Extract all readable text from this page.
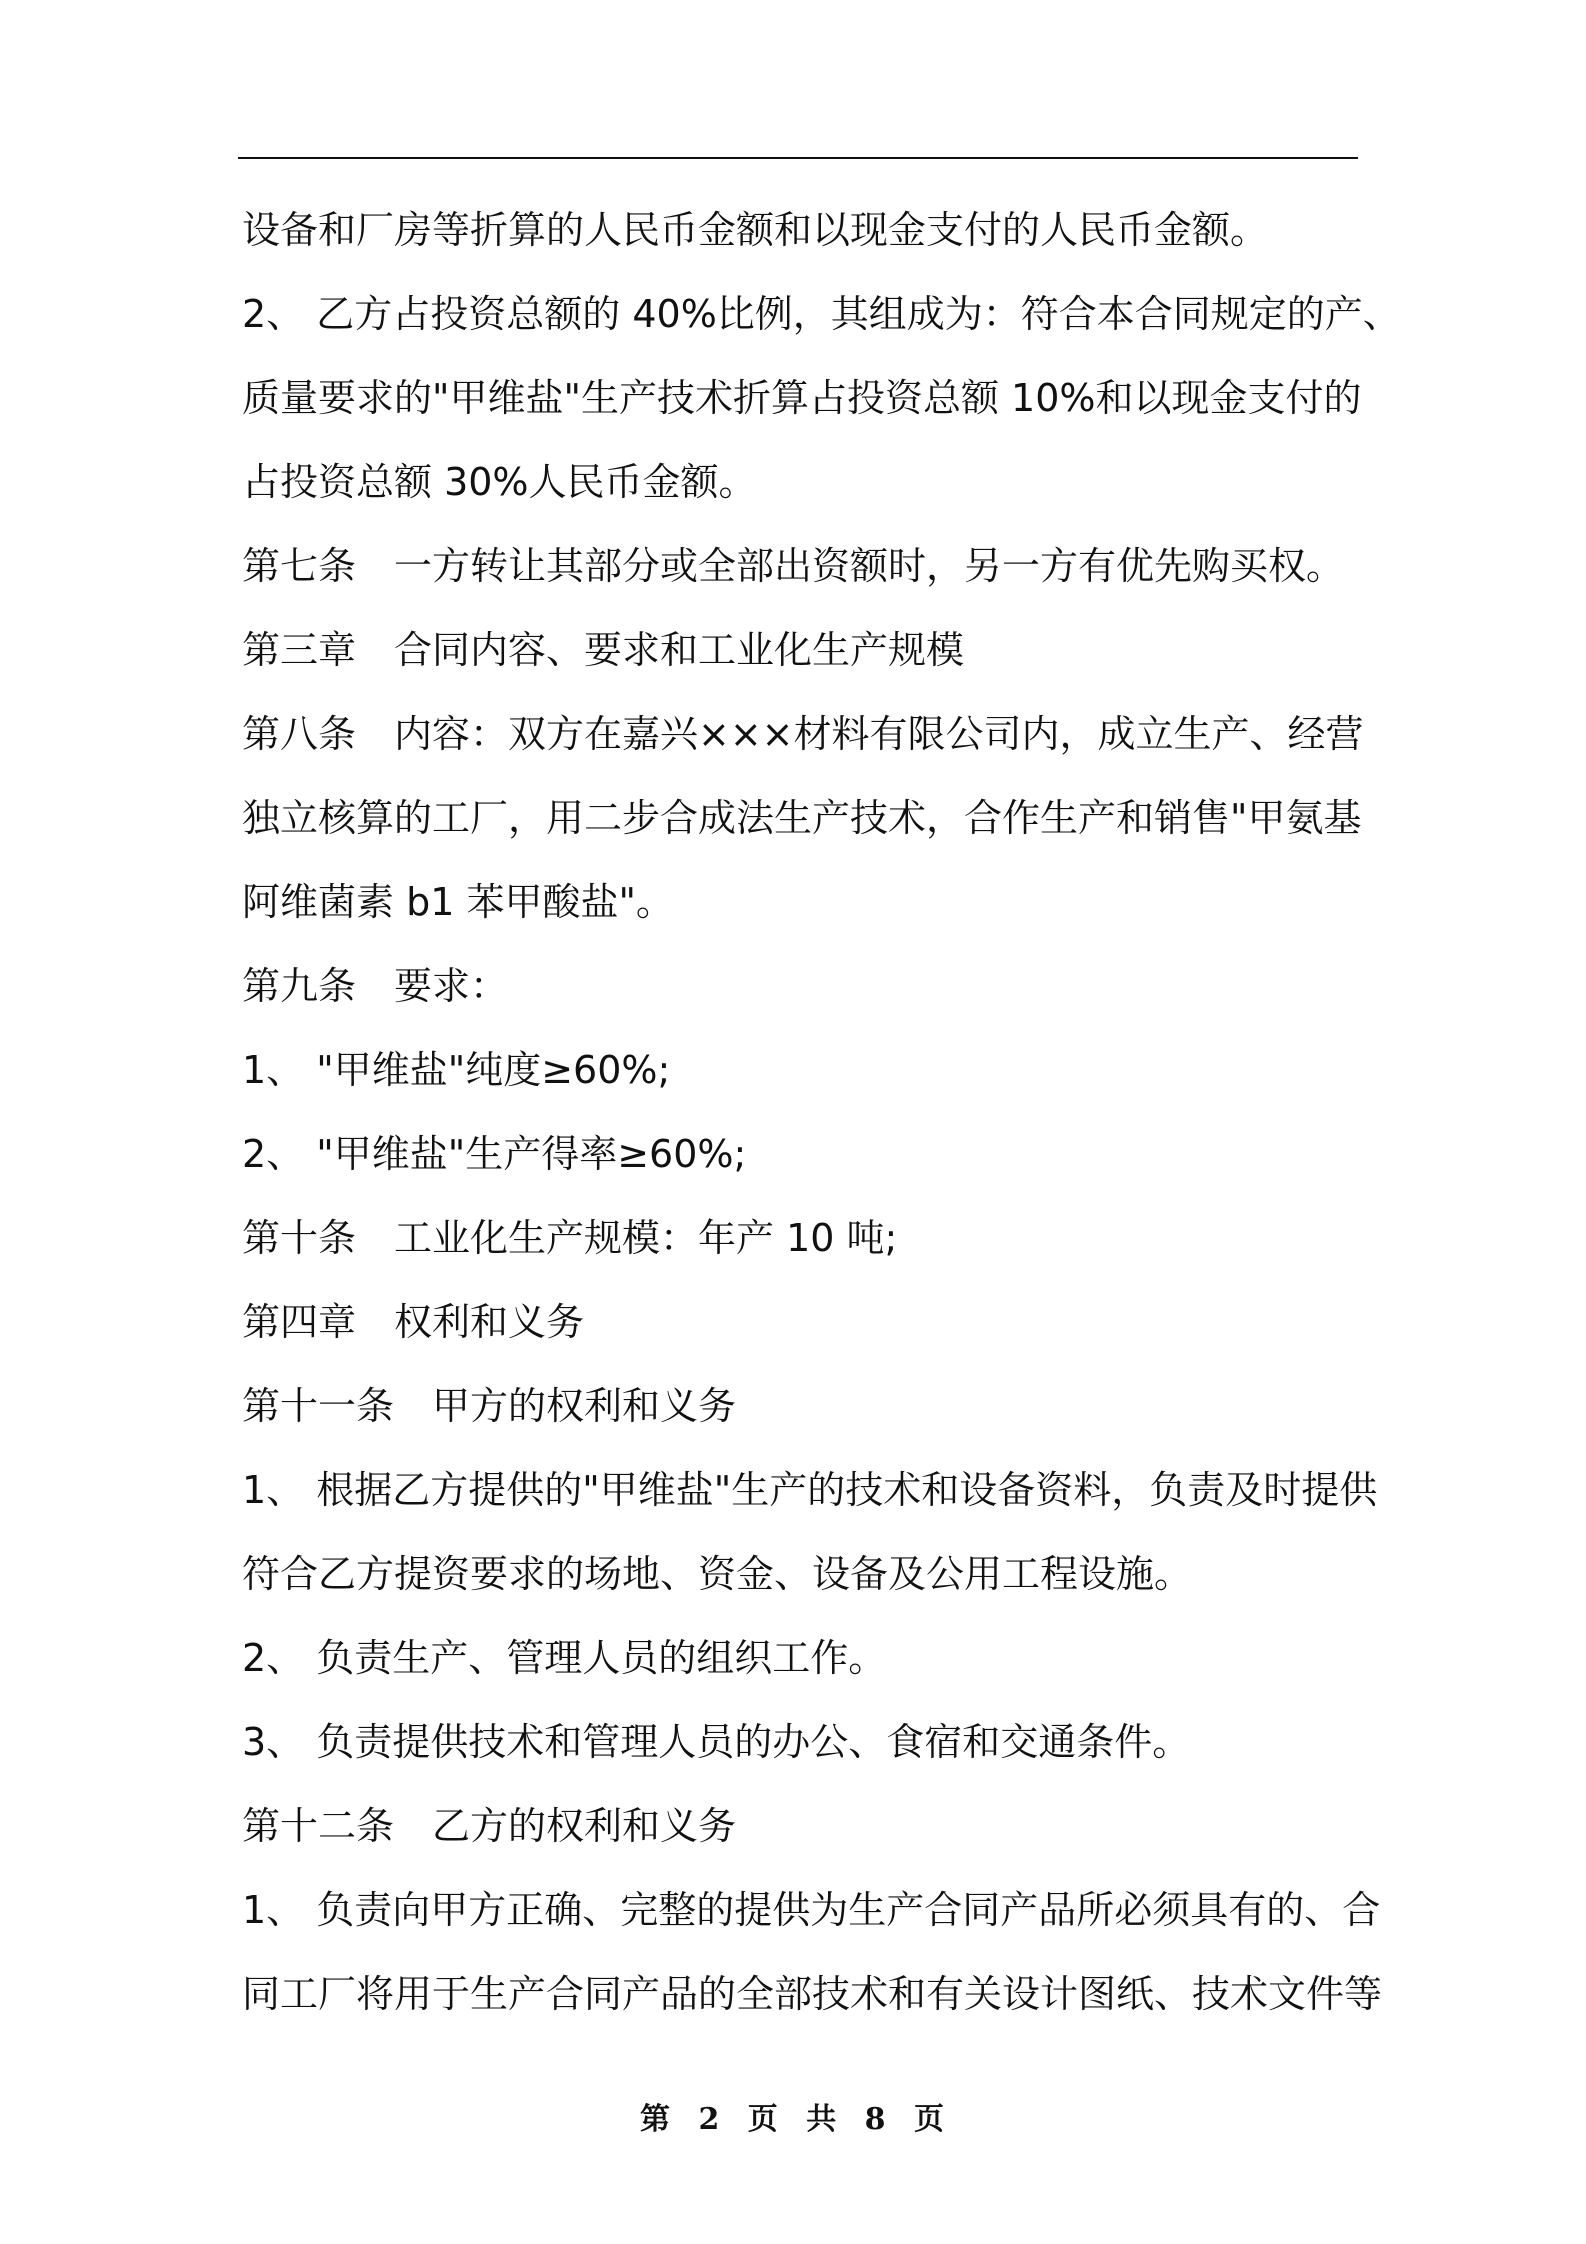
设备和厂房等折算的人民币金额和以现金支付的人民币金额。
2、 乙方占投资总额的 40%比例，其组成为：符合本合同规定的产、
质量要求的"甲维盐"生产技术折算占投资总额 10%和以现金支付的
占投资总额 30%人民币金额。
第七条　一方转让其部分或全部出资额时，另一方有优先购买权。
第三章　合同内容、要求和工业化生产规模
第八条　内容：双方在嘉兴×××材料有限公司内，成立生产、经营
独立核算的工厂，用二步合成法生产技术，合作生产和销售"甲氨基
阿维菌素 b1 苯甲酸盐"。
第九条　要求：
1、 "甲维盐"纯度≥60%;
2、 "甲维盐"生产得率≥60%;
第十条　工业化生产规模：年产 10 吨;
第四章　权利和义务
第十一条　甲方的权利和义务
1、 根据乙方提供的"甲维盐"生产的技术和设备资料，负责及时提供
符合乙方提资要求的场地、资金、设备及公用工程设施。
2、 负责生产、管理人员的组织工作。
3、 负责提供技术和管理人员的办公、食宿和交通条件。
第十二条　乙方的权利和义务
1、 负责向甲方正确、完整的提供为生产合同产品所必须具有的、合
同工厂将用于生产合同产品的全部技术和有关设计图纸、技术文件等
第 2 页 共 8 页
